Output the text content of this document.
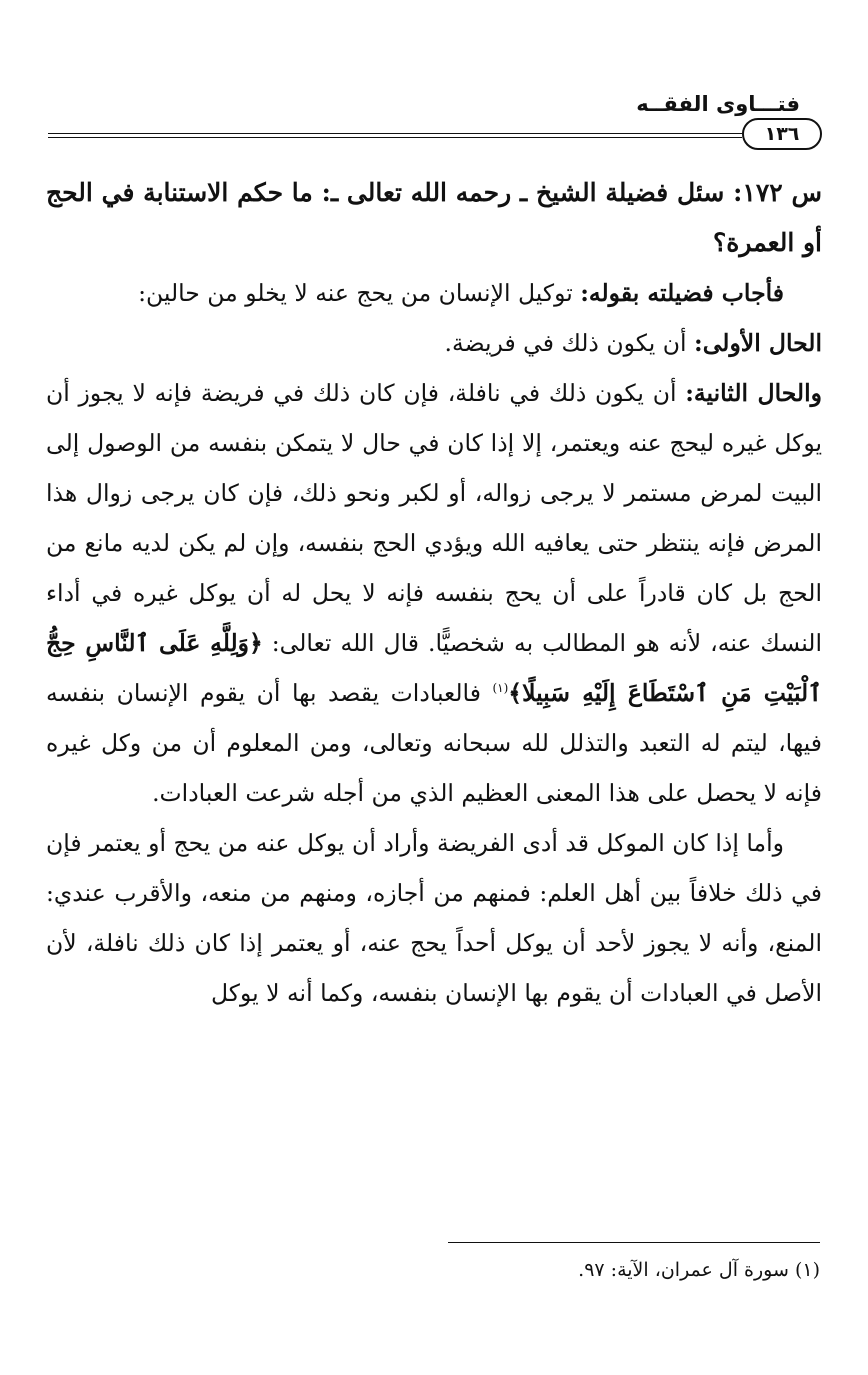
فتـــاوى الفقــه
١٣٦

س ١٧٢: سئل فضيلة الشيخ ـ رحمه الله تعالى ـ: ما حكم الاستنابة في الحج أو العمرة؟

فأجاب فضيلته بقوله: توكيل الإنسان من يحج عنه لا يخلو من حالين:

الحال الأولى: أن يكون ذلك في فريضة.

والحال الثانية: أن يكون ذلك في نافلة، فإن كان ذلك في فريضة فإنه لا يجوز أن يوكل غيره ليحج عنه ويعتمر، إلا إذا كان في حال لا يتمكن بنفسه من الوصول إلى البيت لمرض مستمر لا يرجى زواله، أو لكبر ونحو ذلك، فإن كان يرجى زوال هذا المرض فإنه ينتظر حتى يعافيه الله ويؤدي الحج بنفسه، وإن لم يكن لديه مانع من الحج بل كان قادراً على أن يحج بنفسه فإنه لا يحل له أن يوكل غيره في أداء النسك عنه، لأنه هو المطالب به شخصيًّا. قال الله تعالى: ﴿وَلِلَّهِ عَلَى ٱلنَّاسِ حِجُّ ٱلْبَيْتِ مَنِ ٱسْتَطَاعَ إِلَيْهِ سَبِيلًا﴾$^{(١)}$ فالعبادات يقصد بها أن يقوم الإنسان بنفسه فيها، ليتم له التعبد والتذلل لله سبحانه وتعالى، ومن المعلوم أن من وكل غيره فإنه لا يحصل على هذا المعنى العظيم الذي من أجله شرعت العبادات.

وأما إذا كان الموكل قد أدى الفريضة وأراد أن يوكل عنه من يحج أو يعتمر فإن في ذلك خلافاً بين أهل العلم: فمنهم من أجازه، ومنهم من منعه، والأقرب عندي: المنع، وأنه لا يجوز لأحد أن يوكل أحداً يحج عنه، أو يعتمر إذا كان ذلك نافلة، لأن الأصل في العبادات أن يقوم بها الإنسان بنفسه، وكما أنه لا يوكل

(١) سورة آل عمران، الآية: ٩٧.
